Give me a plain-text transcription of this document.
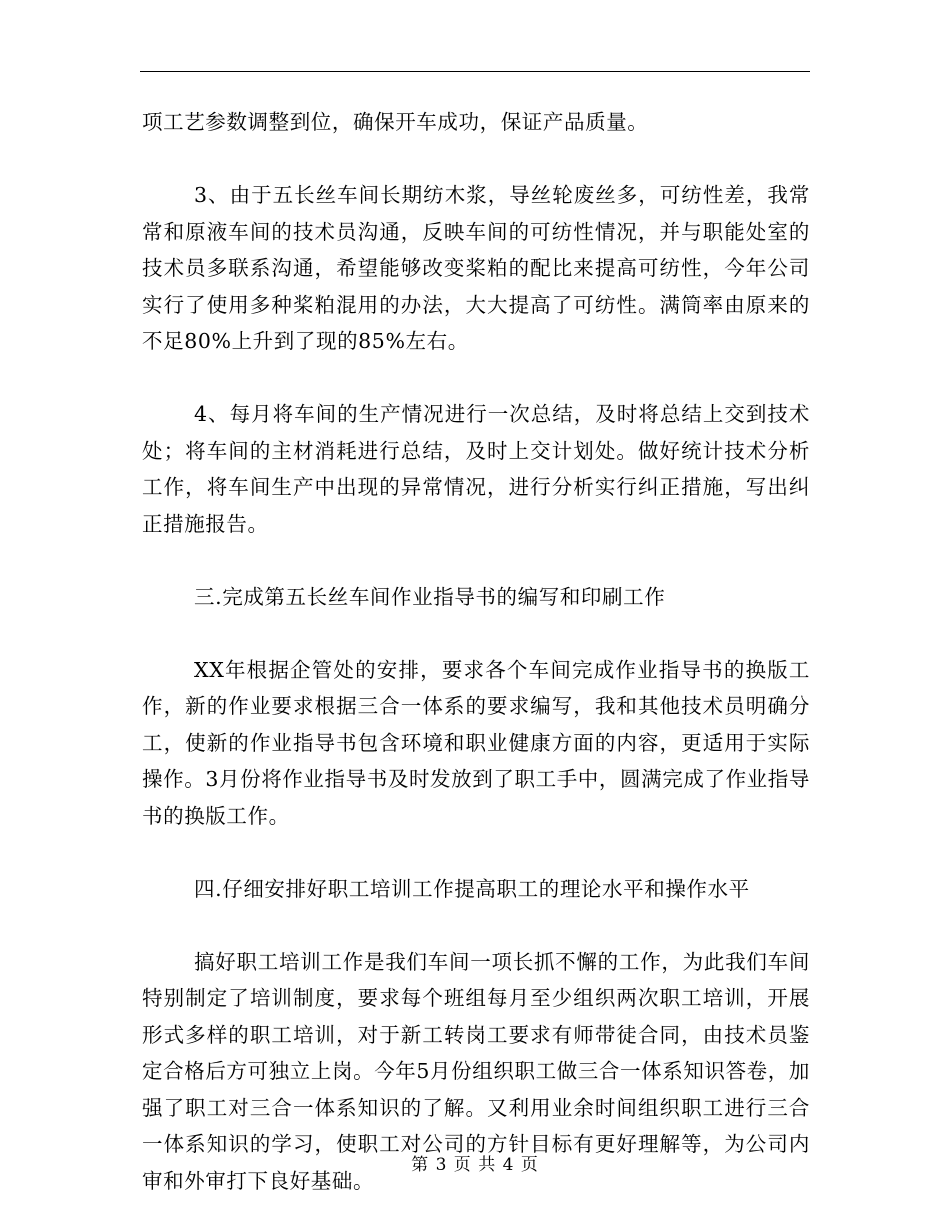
项工艺参数调整到位，确保开车成功，保证产品质量。

3、由于五长丝车间长期纺木浆，导丝轮废丝多，可纺性差，我常常和原液车间的技术员沟通，反映车间的可纺性情况，并与职能处室的技术员多联系沟通，希望能够改变桨粕的配比来提高可纺性，今年公司实行了使用多种桨粕混用的办法，大大提高了可纺性。满筒率由原来的不足80%上升到了现的85%左右。

4、每月将车间的生产情况进行一次总结，及时将总结上交到技术处；将车间的主材消耗进行总结，及时上交计划处。做好统计技术分析工作，将车间生产中出现的异常情况，进行分析实行纠正措施，写出纠正措施报告。

三.完成第五长丝车间作业指导书的编写和印刷工作

XX年根据企管处的安排，要求各个车间完成作业指导书的换版工作，新的作业要求根据三合一体系的要求编写，我和其他技术员明确分工，使新的作业指导书包含环境和职业健康方面的内容，更适用于实际操作。3月份将作业指导书及时发放到了职工手中，圆满完成了作业指导书的换版工作。

四.仔细安排好职工培训工作提高职工的理论水平和操作水平

搞好职工培训工作是我们车间一项长抓不懈的工作，为此我们车间特别制定了培训制度，要求每个班组每月至少组织两次职工培训，开展形式多样的职工培训，对于新工转岗工要求有师带徒合同，由技术员鉴定合格后方可独立上岗。今年5月份组织职工做三合一体系知识答卷，加强了职工对三合一体系知识的了解。又利用业余时间组织职工进行三合一体系知识的学习，使职工对公司的方针目标有更好理解等，为公司内审和外审打下良好基础。

第 3 页 共 4 页
